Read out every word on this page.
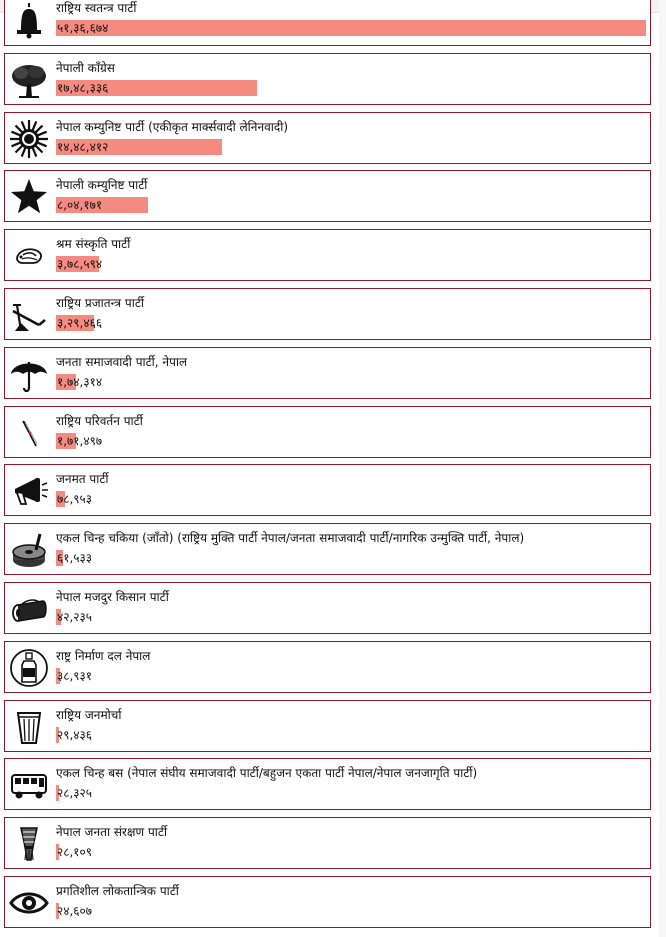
राष्ट्रिय स्वतन्त्र पार्टी
५१,३६,६७४
नेपाली काँग्रेस
१७,४८,३३६
नेपाल कम्युनिष्ट पार्टी (एकीकृत मार्क्सवादी लेनिनवादी)
१४,४८,४१२
नेपाली कम्युनिष्ट पार्टी
८,०४,१७१
श्रम संस्कृति पार्टी
३,७८,५९४
राष्ट्रिय प्रजातन्त्र पार्टी
३,२९,४६६
जनता समाजवादी पार्टी, नेपाल
१,७४,३१४
राष्ट्रिय परिवर्तन पार्टी
१,७१,४९७
जनमत पार्टी
७८,९५३
एकल चिन्ह चकिया (जाँतो) (राष्ट्रिय मुक्ति पार्टी नेपाल/जनता समाजवादी पार्टी/नागरिक उन्मुक्ति पार्टी, नेपाल)
६१,५३३
नेपाल मजदुर किसान पार्टी
४२,२३५
राष्ट्र निर्माण दल नेपाल
३८,९३१
राष्ट्रिय जनमोर्चा
२९,४३६
एकल चिन्ह बस (नेपाल संघीय समाजवादी पार्टी/बहुजन एकता पार्टी नेपाल/नेपाल जनजागृति पार्टी)
२८,३२५
नेपाल जनता संरक्षण पार्टी
२८,१०९
प्रगतिशील लोकतान्त्रिक पार्टी
२४,६०७
